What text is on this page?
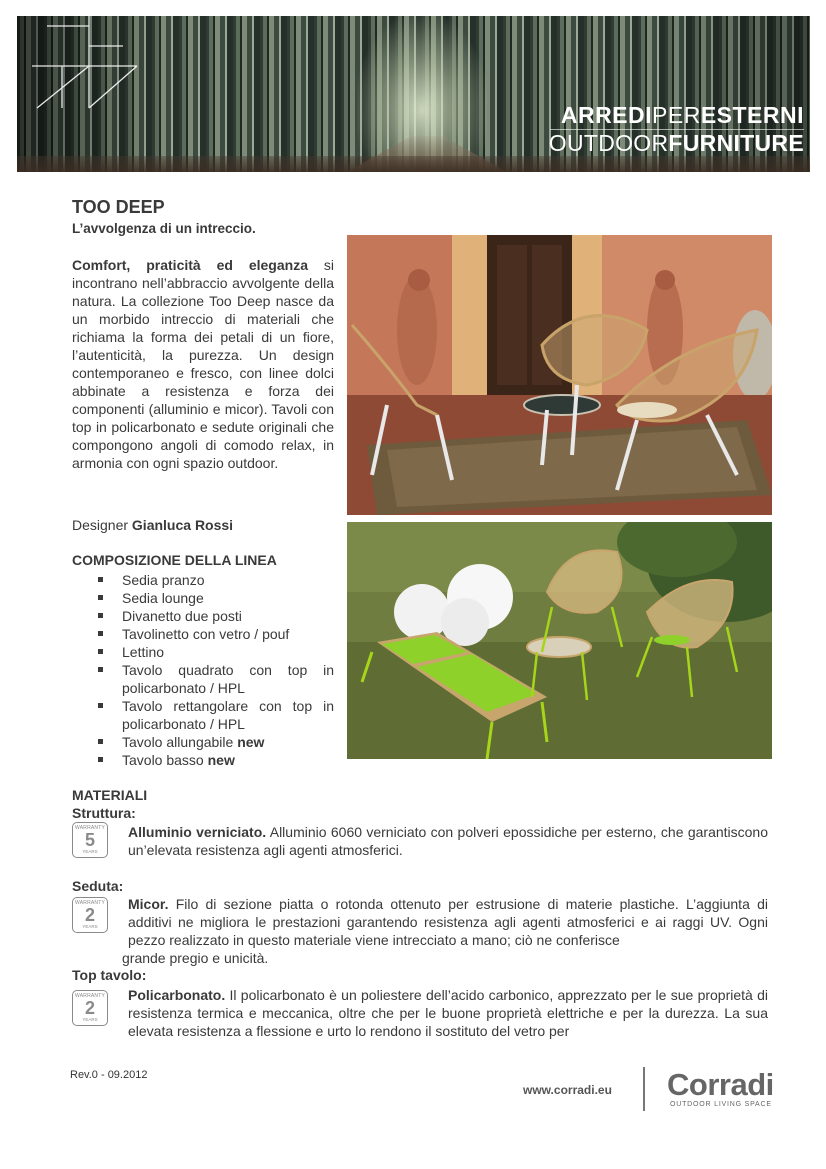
ARREDIPERESTERNI
OUTDOORFURNITURE
TOO DEEP
L’avvolgenza di un intreccio.
Comfort, praticità ed eleganza si incontrano nell’abbraccio avvolgente della natura. La collezione Too Deep nasce da un morbido intreccio di materiali che richiama la forma dei petali di un fiore, l’autenticità, la purezza. Un design contemporaneo e fresco, con linee dolci abbinate a resistenza e forza dei componenti (alluminio e micor). Tavoli con top in policarbonato e sedute originali che compongono angoli di comodo relax, in armonia con ogni spazio outdoor.
Designer Gianluca Rossi
COMPOSIZIONE DELLA LINEA
Sedia pranzo
Sedia lounge
Divanetto due posti
Tavolinetto con vetro / pouf
Lettino
Tavolo quadrato con top in policarbonato / HPL
Tavolo rettangolare con top in policarbonato / HPL
Tavolo allungabile new
Tavolo basso new
MATERIALI
Struttura:
WARRANTY
5
YEARS
Alluminio verniciato. Alluminio 6060 verniciato con polveri epossidiche per esterno, che garantiscono un’elevata resistenza agli agenti atmosferici.
Seduta:
WARRANTY
2
YEARS
Micor. Filo di sezione piatta o rotonda ottenuto per estrusione di materie plastiche. L’aggiunta di additivi ne migliora le prestazioni garantendo resistenza agli agenti atmosferici e ai raggi UV. Ogni pezzo realizzato in questo materiale viene intrecciato a mano; ciò ne conferisce
grande pregio e unicità.
Top tavolo:
WARRANTY
2
YEARS
Policarbonato. Il policarbonato è un poliestere dell’acido carbonico, apprezzato per le sue proprietà di resistenza termica e meccanica, oltre che per le buone proprietà elettriche e per la durezza. La sua elevata resistenza a flessione e urto lo rendono il sostituto del vetro per
Rev.0 - 09.2012
www.corradi.eu Corradi
OUTDOOR LIVING SPACE
